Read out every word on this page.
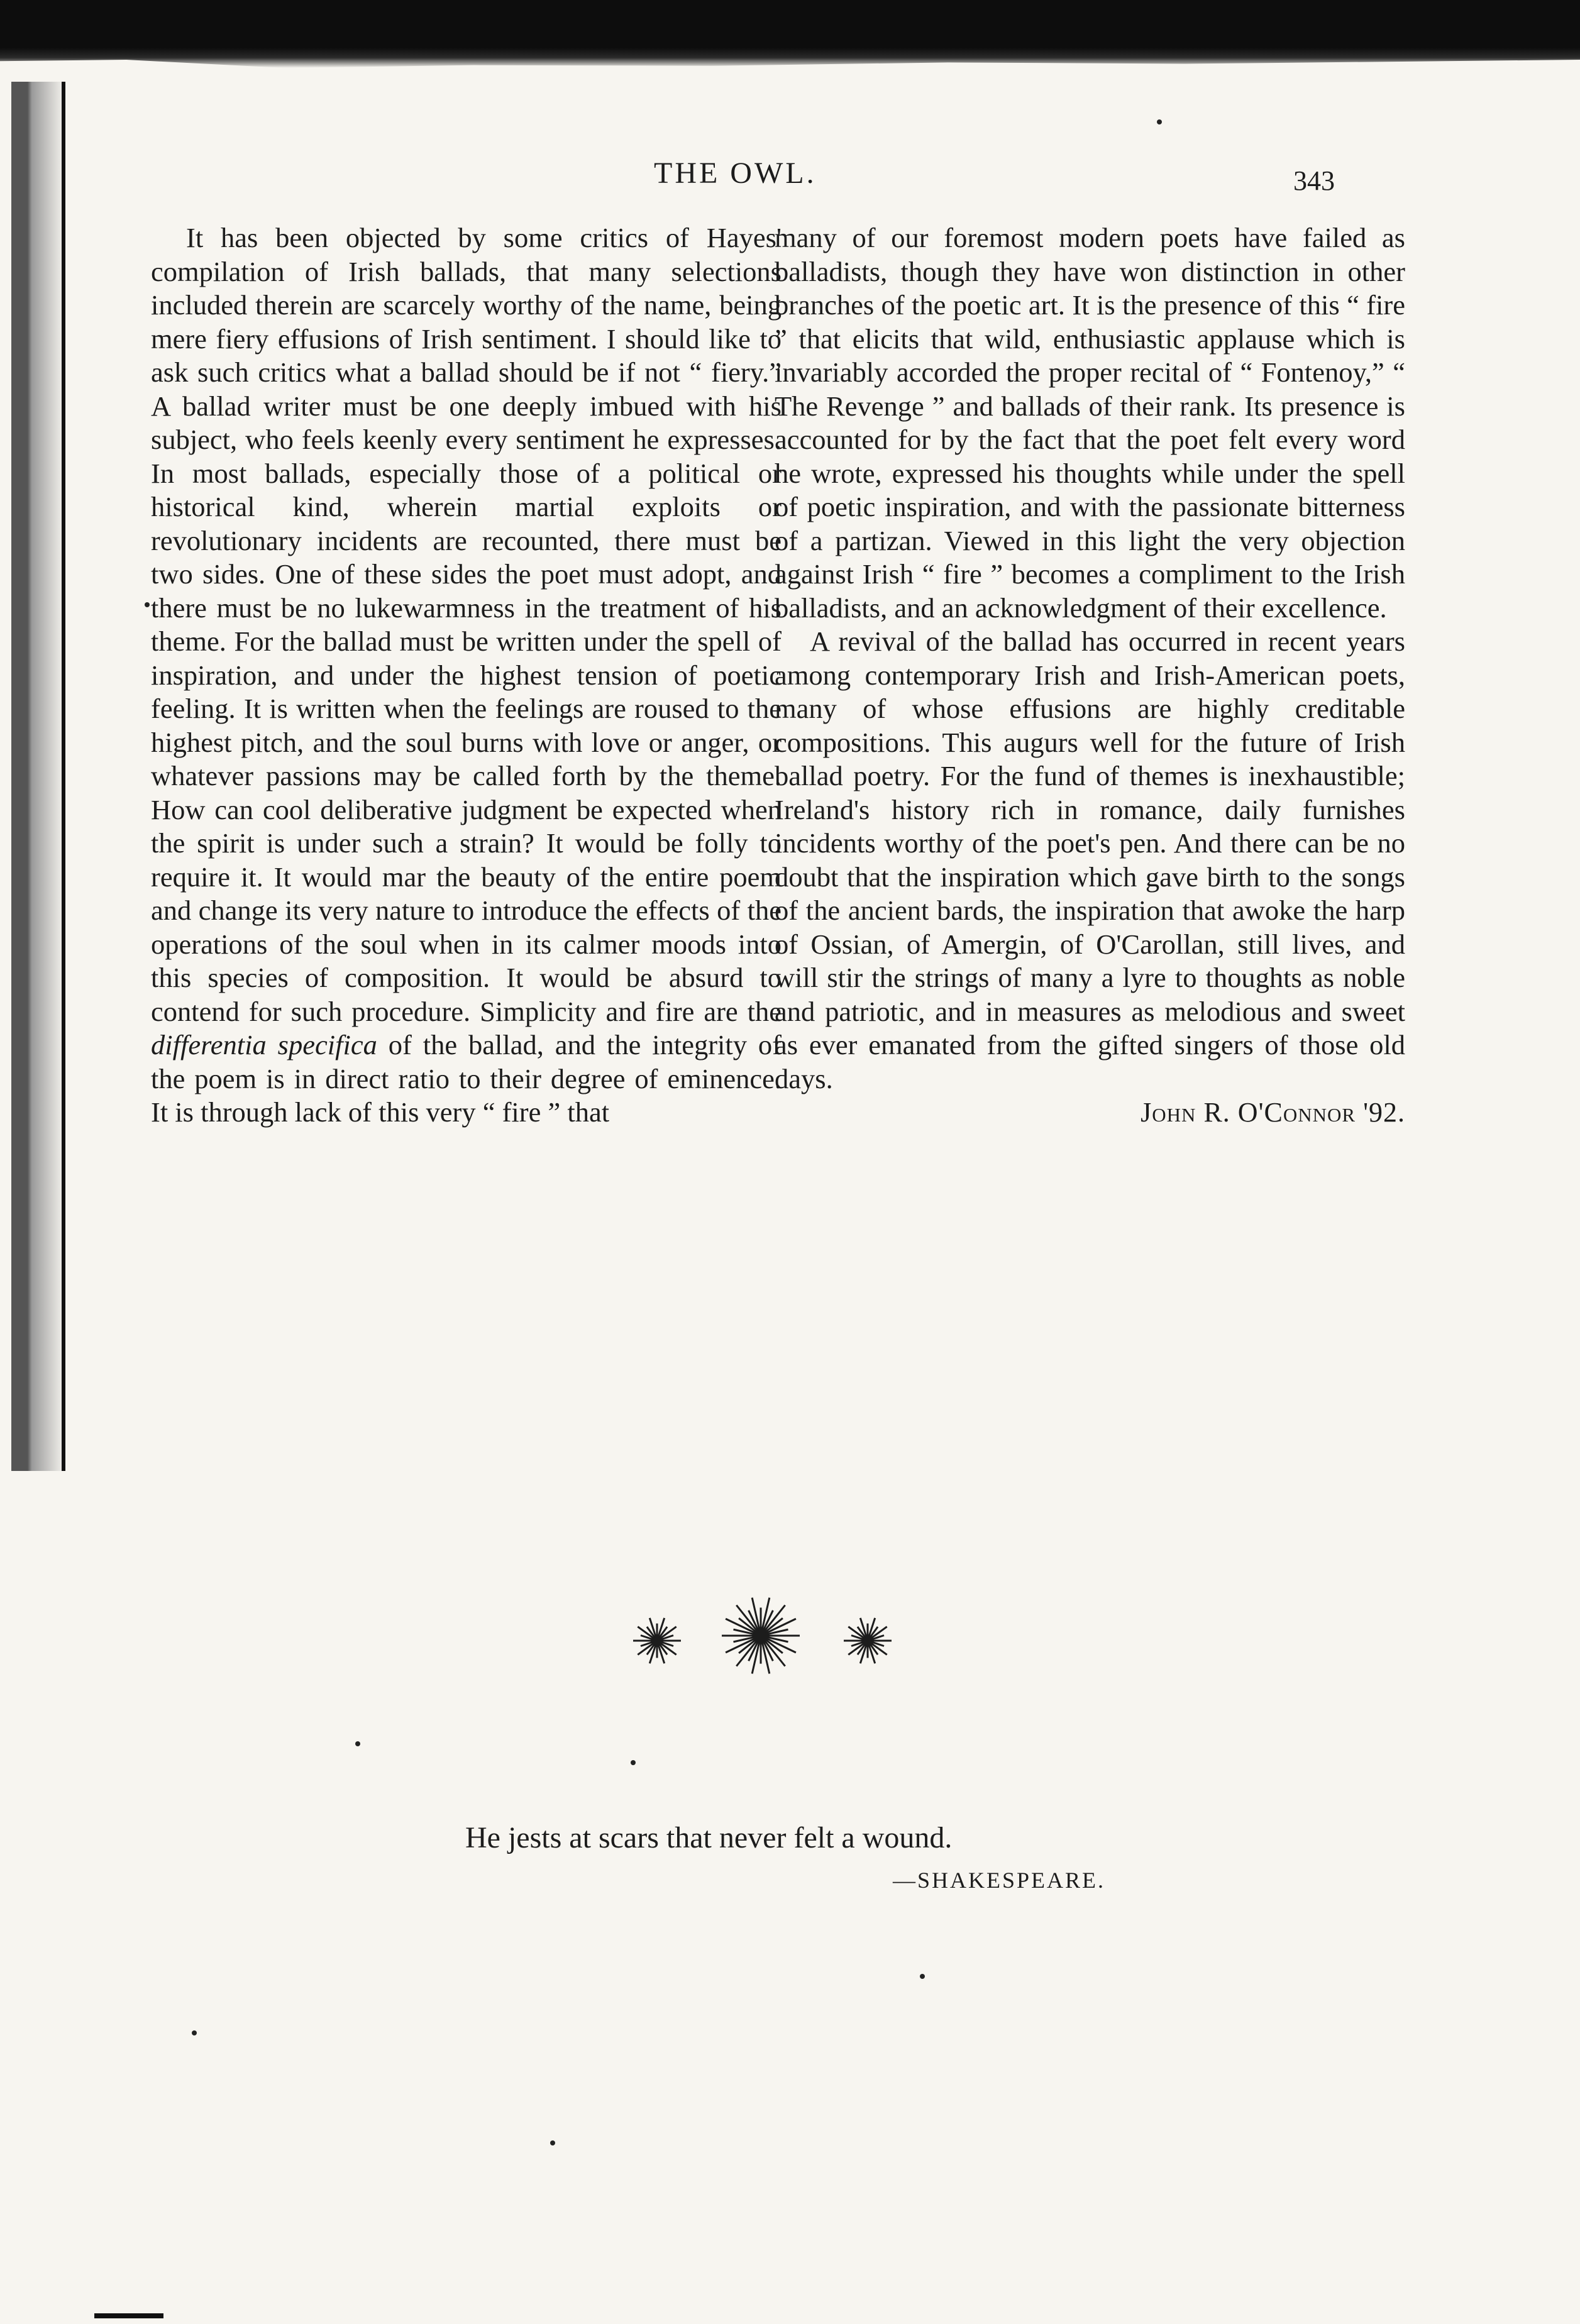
THE OWL.	343

It has been objected by some critics of Hayes' compilation of Irish ballads, that many selections included therein are scarcely worthy of the name, being mere fiery effusions of Irish sentiment. I should like to ask such critics what a ballad should be if not “ fiery.” A ballad writer must be one deeply imbued with his subject, who feels keenly every sentiment he expresses. In most ballads, especially those of a political or historical kind, wherein martial exploits or revolutionary incidents are recounted, there must be two sides. One of these sides the poet must adopt, and there must be no lukewarmness in the treatment of his theme. For the ballad must be written under the spell of inspiration, and under the highest tension of poetic feeling. It is written when the feelings are roused to the highest pitch, and the soul burns with love or anger, or whatever passions may be called forth by the theme. How can cool deliberative judgment be expected when the spirit is under such a strain? It would be folly to require it. It would mar the beauty of the entire poem and change its very nature to introduce the effects of the operations of the soul when in its calmer moods into this species of composition. It would be absurd to contend for such procedure. Simplicity and fire are the differentia specifica of the ballad, and the integrity of the poem is in direct ratio to their degree of eminence. It is through lack of this very “ fire ” that

many of our foremost modern poets have failed as balladists, though they have won distinction in other branches of the poetic art. It is the presence of this “ fire ” that elicits that wild, enthusiastic applause which is invariably accorded the proper recital of “ Fontenoy,” “ The Revenge ” and ballads of their rank. Its presence is accounted for by the fact that the poet felt every word he wrote, expressed his thoughts while under the spell of poetic inspiration, and with the passionate bitterness of a partizan. Viewed in this light the very objection against Irish “ fire ” becomes a compliment to the Irish balladists, and an acknowledgment of their excellence.

A revival of the ballad has occurred in recent years among contemporary Irish and Irish-American poets, many of whose effusions are highly creditable compositions. This augurs well for the future of Irish ballad poetry. For the fund of themes is inexhaustible; Ireland's history rich in romance, daily furnishes incidents worthy of the poet's pen. And there can be no doubt that the inspiration which gave birth to the songs of the ancient bards, the inspiration that awoke the harp of Ossian, of Amergin, of O'Carollan, still lives, and will stir the strings of many a lyre to thoughts as noble and patriotic, and in measures as melodious and sweet as ever emanated from the gifted singers of those old days.

John R. O'Connor '92.
He jests at scars that never felt a wound.
—SHAKESPEARE.
